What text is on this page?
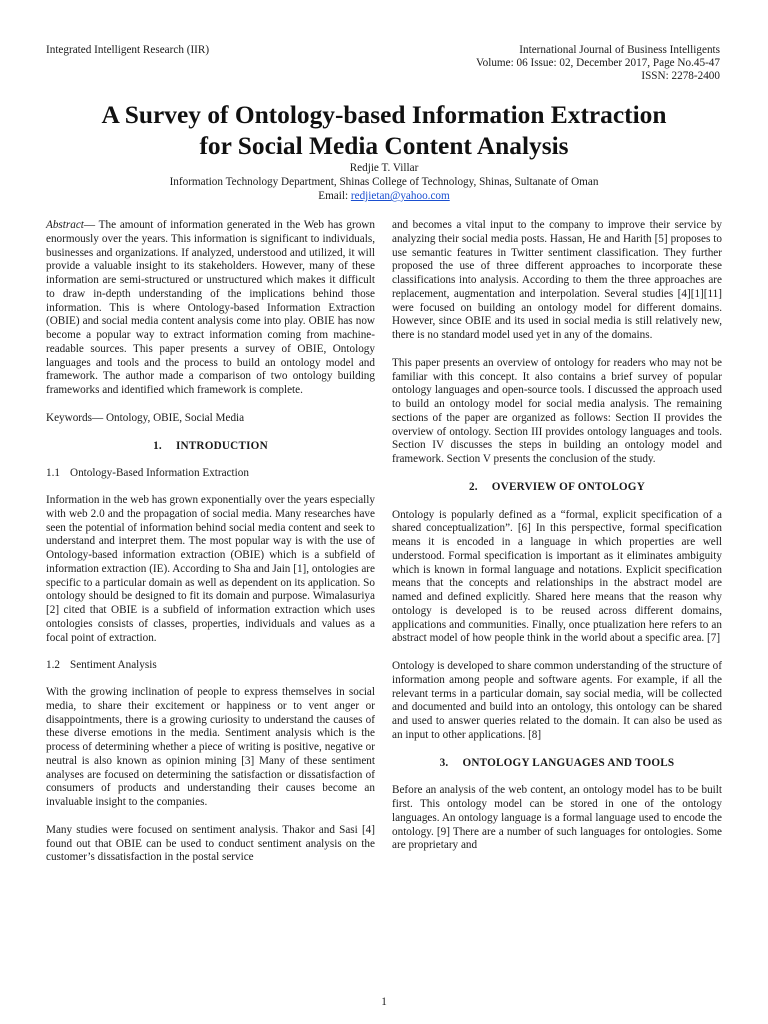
Integrated Intelligent Research (IIR)	International Journal of Business Intelligents
Volume: 06 Issue: 02, December 2017, Page No.45-47
ISSN: 2278-2400
A Survey of Ontology-based Information Extraction
for Social Media Content Analysis
Redjie T. Villar
Information Technology Department, Shinas College of Technology, Shinas, Sultanate of Oman
Email: redjietan@yahoo.com

Abstract— The amount of information generated in the Web has grown enormously over the years. This information is significant to individuals, businesses and organizations. If analyzed, understood and utilized, it will provide a valuable insight to its stakeholders. However, many of these information are semi-structured or unstructured which makes it difficult to draw in-depth understanding of the implications behind those information. This is where Ontology-based Information Extraction (OBIE) and social media content analysis come into play. OBIE has now become a popular way to extract information coming from machine-readable sources. This paper presents a survey of OBIE, Ontology languages and tools and the process to build an ontology model and framework. The author made a comparison of two ontology building frameworks and identified which framework is complete.

Keywords— Ontology, OBIE, Social Media

1. INTRODUCTION
1.1 Ontology-Based Information Extraction

Information in the web has grown exponentially over the years especially with web 2.0 and the propagation of social media. Many researches have seen the potential of information behind social media content and seek to understand and interpret them. The most popular way is with the use of Ontology-based information extraction (OBIE) which is a subfield of information extraction (IE). According to Sha and Jain [1], ontologies are specific to a particular domain as well as dependent on its application. So ontology should be designed to fit its domain and purpose. Wimalasuriya [2] cited that OBIE is a subfield of information extraction which uses ontologies consists of classes, properties, individuals and values as a focal point of extraction.

1.2 Sentiment Analysis

With the growing inclination of people to express themselves in social media, to share their excitement or happiness or to vent anger or disappointments, there is a growing curiosity to understand the causes of these diverse emotions in the media. Sentiment analysis which is the process of determining whether a piece of writing is positive, negative or neutral is also known as opinion mining [3] Many of these sentiment analyses are focused on determining the satisfaction or dissatisfaction of consumers of products and understanding their causes become an invaluable insight to the companies.

Many studies were focused on sentiment analysis. Thakor and Sasi [4] found out that OBIE can be used to conduct sentiment analysis on the customer’s dissatisfaction in the postal service

and becomes a vital input to the company to improve their service by analyzing their social media posts. Hassan, He and Harith [5] proposes to use semantic features in Twitter sentiment classification. They further proposed the use of three different approaches to incorporate these classifications into analysis. According to them the three approaches are replacement, augmentation and interpolation. Several studies [4][1][11] were focused on building an ontology model for different domains. However, since OBIE and its used in social media is still relatively new, there is no standard model used yet in any of the domains.

This paper presents an overview of ontology for readers who may not be familiar with this concept. It also contains a brief survey of popular ontology languages and open-source tools. I discussed the approach used to build an ontology model for social media analysis. The remaining sections of the paper are organized as follows: Section II provides the overview of ontology. Section III provides ontology languages and tools. Section IV discusses the steps in building an ontology model and framework. Section V presents the conclusion of the study.

2. OVERVIEW OF ONTOLOGY

Ontology is popularly defined as a “formal, explicit specification of a shared conceptualization”. [6] In this perspective, formal specification means it is encoded in a language in which properties are well understood. Formal specification is important as it eliminates ambiguity which is known in formal language and notations. Explicit specification means that the concepts and relationships in the abstract model are named and defined explicitly. Shared here means that the reason why ontology is developed is to be reused across different domains, applications and communities. Finally, once ptualization here refers to an abstract model of how people think in the world about a specific area. [7]

Ontology is developed to share common understanding of the structure of information among people and software agents. For example, if all the relevant terms in a particular domain, say social media, will be collected and documented and build into an ontology, this ontology can be shared and used to answer queries related to the domain. It can also be used as an input to other applications. [8]

3. ONTOLOGY LANGUAGES AND TOOLS

Before an analysis of the web content, an ontology model has to be built first. This ontology model can be stored in one of the ontology languages. An ontology language is a formal language used to encode the ontology. [9] There are a number of such languages for ontologies. Some are proprietary and

1
